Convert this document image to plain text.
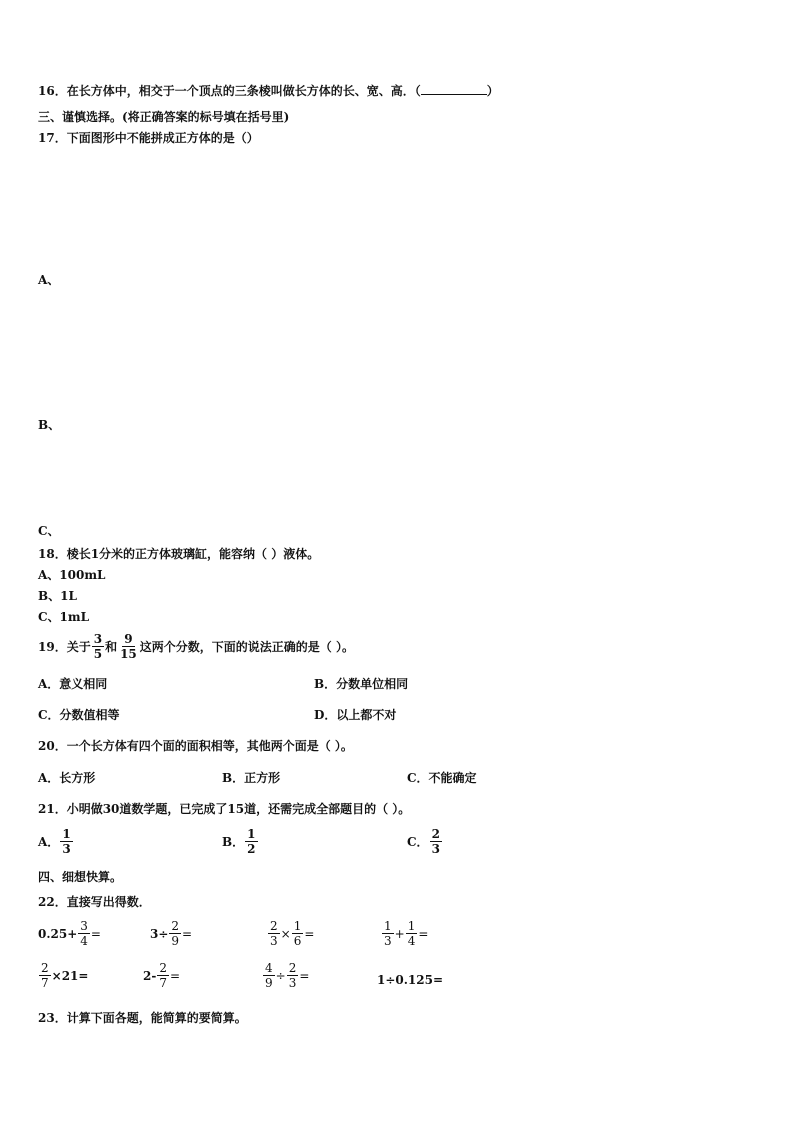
16．在长方体中，相交于一个顶点的三条棱叫做长方体的长、宽、高．（	）
三、谨慎选择。(将正确答案的标号填在括号里)
17．下面图形中不能拼成正方体的是（）
A、
B、
C、
18．棱长1分米的正方体玻璃缸，能容纳（ ）液体。
A、100mL
B、1L
C、1mL
19．关于 $\frac{3}{5}$ 和 $\frac{9}{15}$ 这两个分数，下面的说法正确的是（ ）。
A．意义相同	B．分数单位相同
C．分数值相等	D．以上都不对
20．一个长方体有四个面的面积相等，其他两个面是（ ）。
A．长方形	B．正方形	C．不能确定
21．小明做30道数学题，已完成了15道，还需完成全部题目的（ ）。
A． $\frac{1}{3}$	B． $\frac{1}{2}$	C． $\frac{2}{3}$
四、细想快算。
22．直接写出得数．
$0.25+ \frac{3}{4}$ =	$3\div \frac{2}{9}$ =	$\frac{2}{3} \times \frac{1}{6}$ =	$\frac{1}{3} + \frac{1}{4}$ =
$\frac{2}{7} \times 21=$	$2- \frac{2}{7}$ =	$\frac{4}{9} \div \frac{2}{3}$ =	1÷0.125=
23．计算下面各题，能简算的要简算。
